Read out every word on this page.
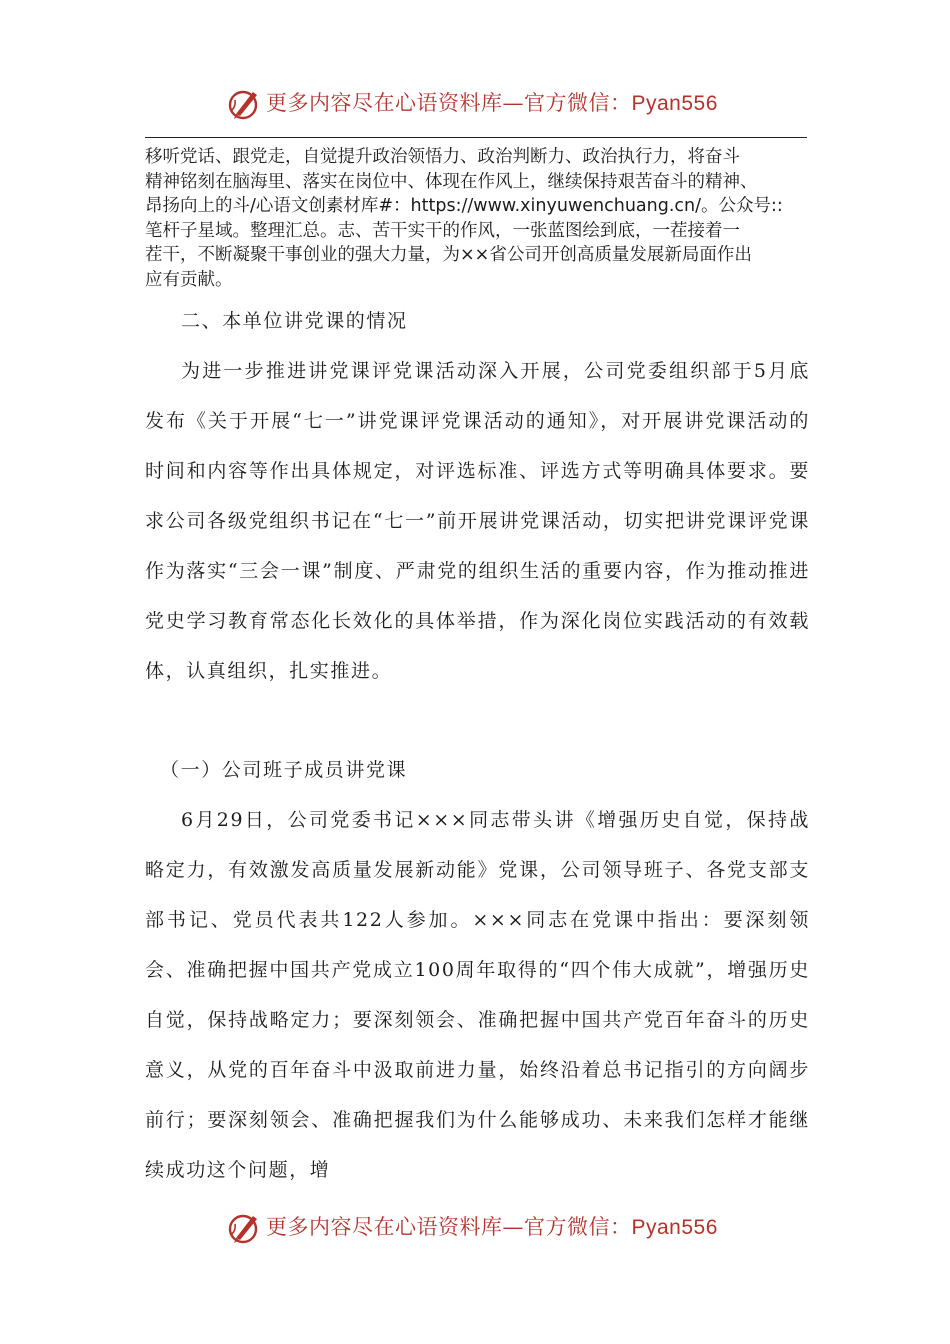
更多内容尽在心语资料库—官方微信：Pyan556

移听党话、跟党走，自觉提升政治领悟力、政治判断力、政治执行力，将奋斗

精神铭刻在脑海里、落实在岗位中、体现在作风上，继续保持艰苦奋斗的精神、

昂扬向上的斗/心语文创素材库#：https://www.xinyuwenchuang.cn/。公众号::

笔杆子星域。整理汇总。志、苦干实干的作风，一张蓝图绘到底，一茬接着一

茬干，不断凝聚干事创业的强大力量，为××省公司开创高质量发展新局面作出

应有贡献。

二、本单位讲党课的情况

为进一步推进讲党课评党课活动深入开展，公司党委组织部于5月底发布《关于开展“七一”讲党课评党课活动的通知》，对开展讲党课活动的时间和内容等作出具体规定，对评选标准、评选方式等明确具体要求。要求公司各级党组织书记在“七一”前开展讲党课活动，切实把讲党课评党课作为落实“三会一课”制度、严肃党的组织生活的重要内容，作为推动推进党史学习教育常态化长效化的具体举措，作为深化岗位实践活动的有效载体，认真组织，扎实推进。

（一）公司班子成员讲党课

6月29日，公司党委书记×××同志带头讲《增强历史自觉，保持战略定力，有效激发高质量发展新动能》党课，公司领导班子、各党支部支部书记、党员代表共122人参加。×××同志在党课中指出：要深刻领会、准确把握中国共产党成立100周年取得的“四个伟大成就”，增强历史自觉，保持战略定力；要深刻领会、准确把握中国共产党百年奋斗的历史意义，从党的百年奋斗中汲取前进力量，始终沿着总书记指引的方向阔步前行；要深刻领会、准确把握我们为什么能够成功、未来我们怎样才能继续成功这个问题，增

更多内容尽在心语资料库—官方微信：Pyan556
